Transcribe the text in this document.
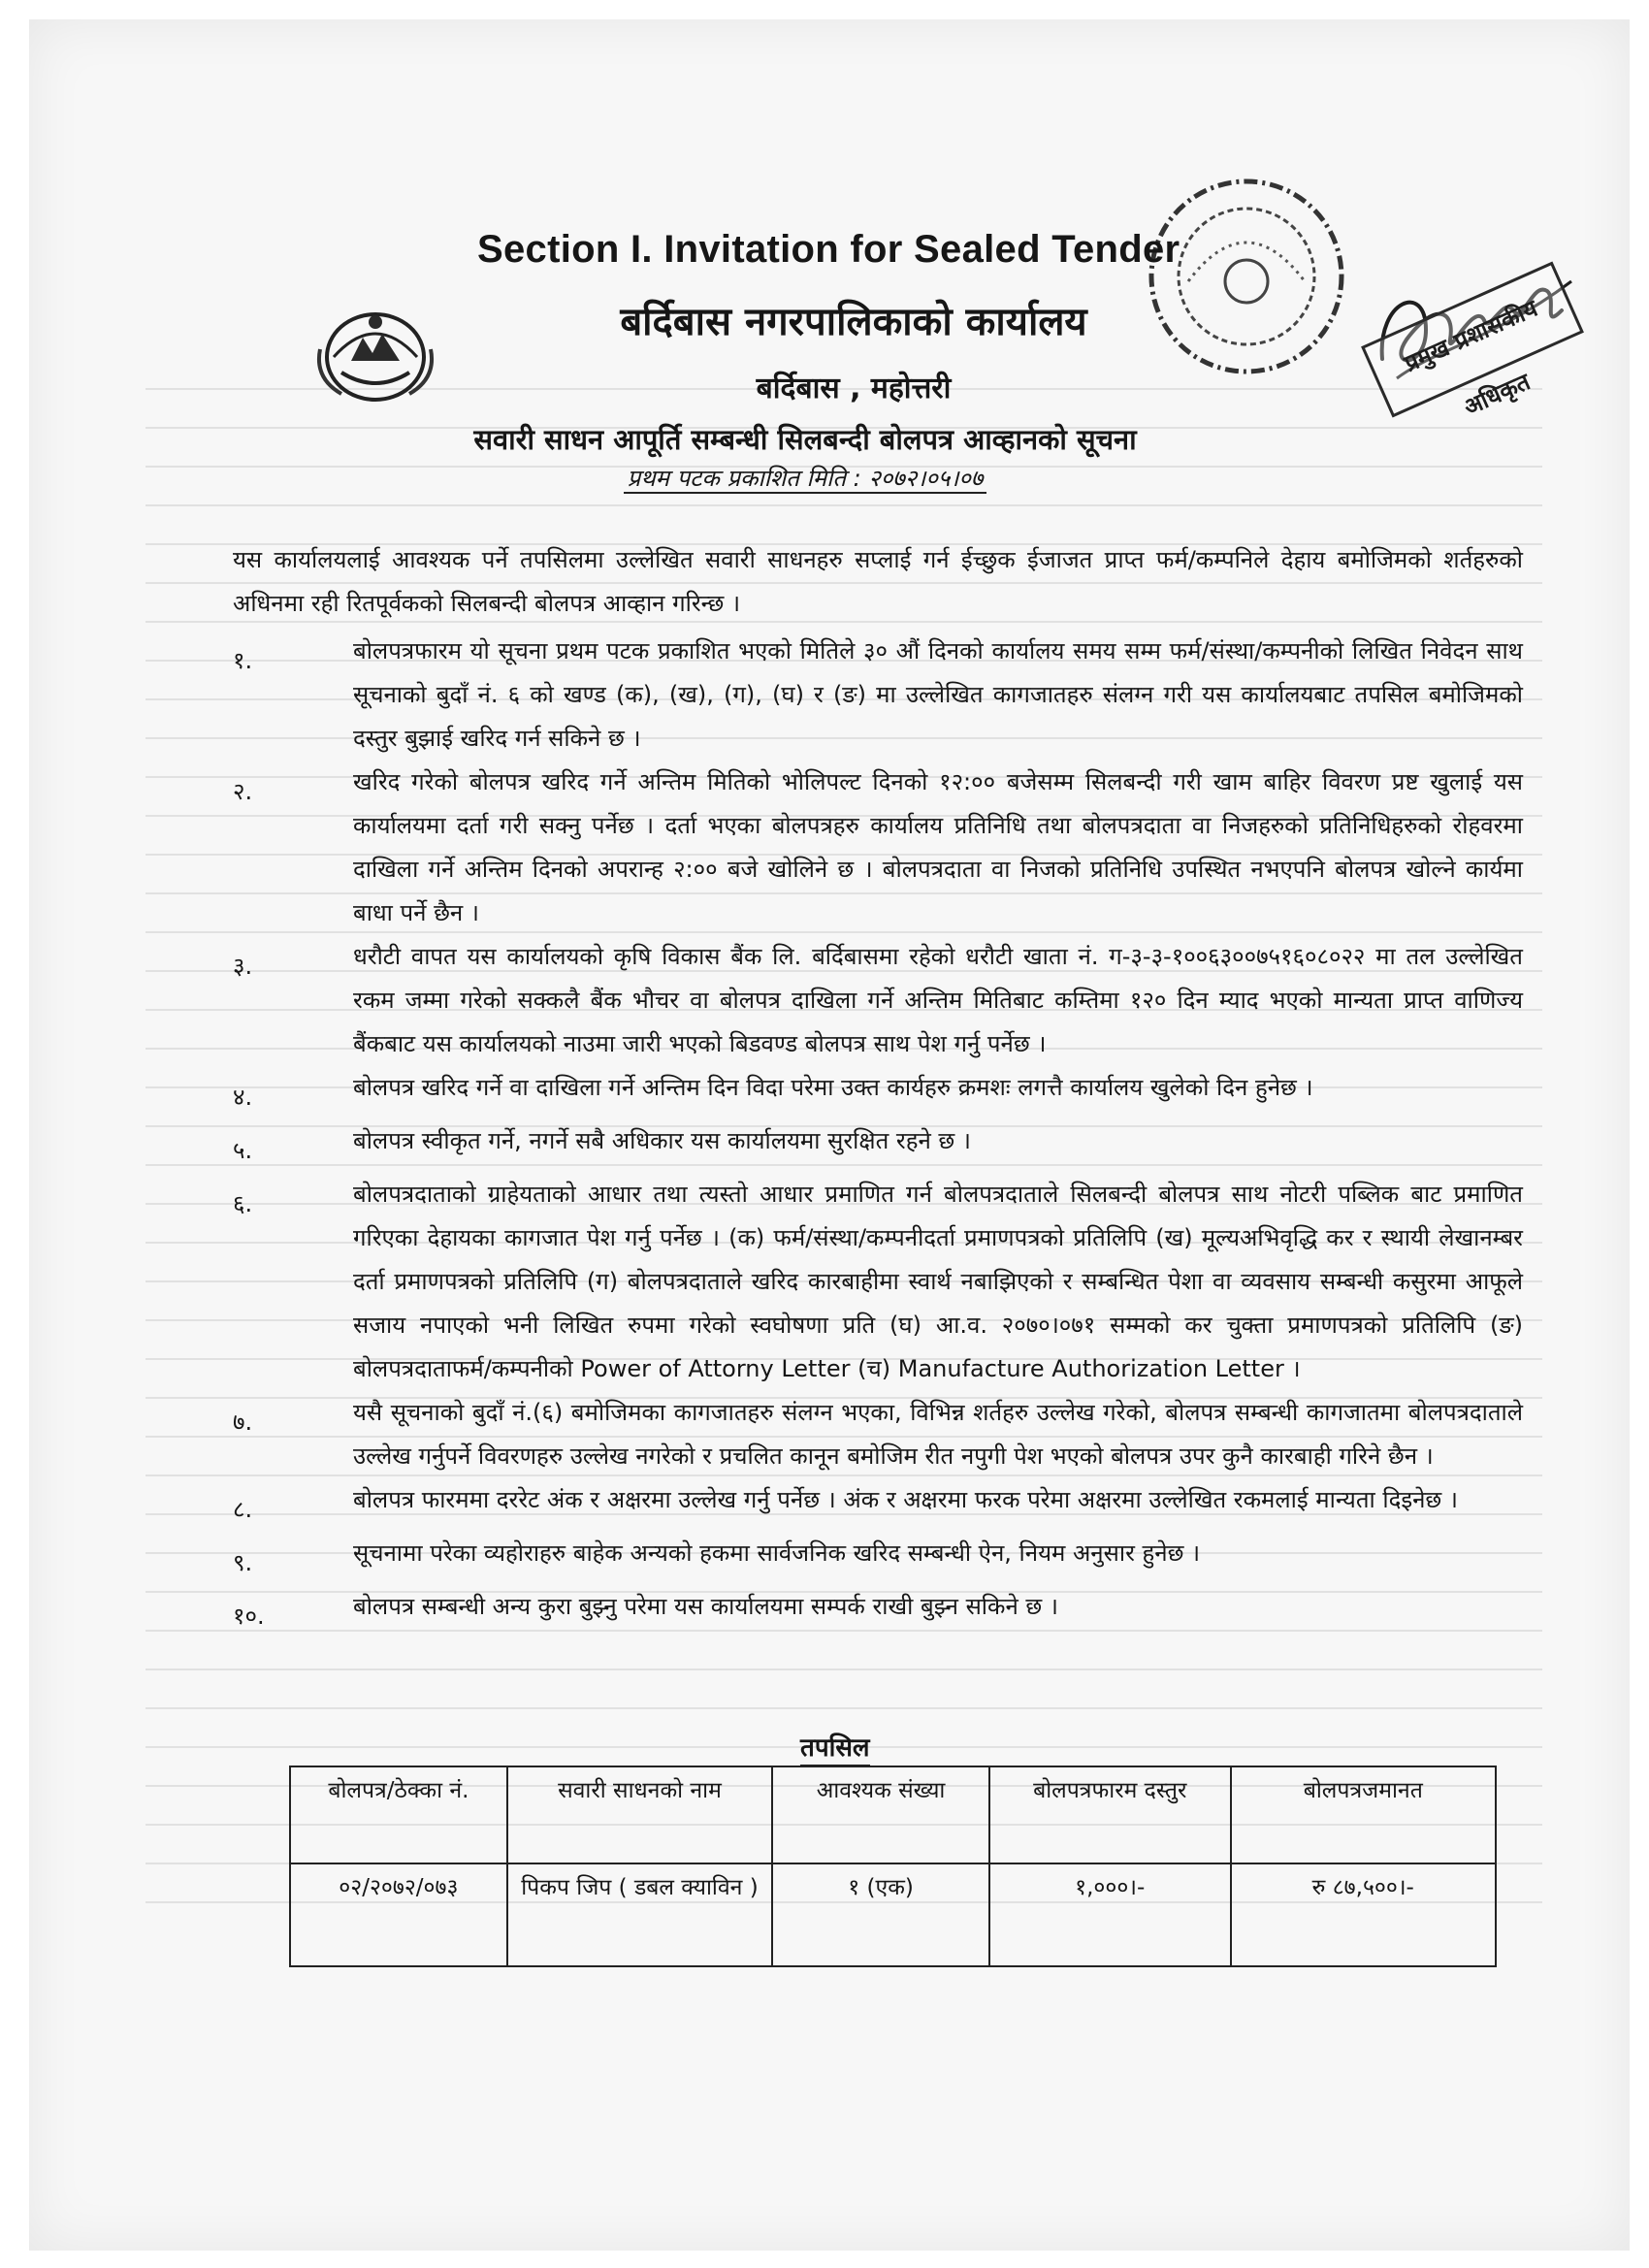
प्रमुख प्रशासकीय अधिकृत
Section I. Invitation for Sealed Tender
बर्दिबास नगरपालिकाको कार्यालय
बर्दिबास , महोत्तरी
सवारी साधन आपूर्ति सम्बन्धी सिलबन्दी बोलपत्र आव्हानको सूचना
प्रथम पटक प्रकाशित मिति : २०७२।०५।०७

यस कार्यालयलाई आवश्यक पर्ने तपसिलमा उल्लेखित सवारी साधनहरु सप्लाई गर्न ईच्छुक ईजाजत प्राप्त फर्म/कम्पनिले देहाय बमोजिमको शर्तहरुको अधिनमा रही रितपूर्वकको सिलबन्दी बोलपत्र आव्हान गरिन्छ ।

१.	बोलपत्रफारम यो सूचना प्रथम पटक प्रकाशित भएको मितिले ३० औं दिनको कार्यालय समय सम्म फर्म/संस्था/कम्पनीको लिखित निवेदन साथ सूचनाको बुदाँ नं. ६ को खण्ड (क), (ख), (ग), (घ) र (ङ) मा उल्लेखित कागजातहरु संलग्न गरी यस कार्यालयबाट तपसिल बमोजिमको दस्तुर बुझाई खरिद गर्न सकिने छ ।
२.	खरिद गरेको बोलपत्र खरिद गर्ने अन्तिम मितिको भोलिपल्ट दिनको १२:०० बजेसम्म सिलबन्दी गरी खाम बाहिर विवरण प्रष्ट खुलाई यस कार्यालयमा दर्ता गरी सक्नु पर्नेछ । दर्ता भएका बोलपत्रहरु कार्यालय प्रतिनिधि तथा बोलपत्रदाता वा निजहरुको प्रतिनिधिहरुको रोहवरमा दाखिला गर्ने अन्तिम दिनको अपरान्ह २:०० बजे खोलिने छ । बोलपत्रदाता वा निजको प्रतिनिधि उपस्थित नभएपनि बोलपत्र खोल्ने कार्यमा बाधा पर्ने छैन ।
३.	धरौटी वापत यस कार्यालयको कृषि विकास बैंक लि. बर्दिबासमा रहेको धरौटी खाता नं. ग-३-३-१००६३००७५१६०८०२२ मा तल उल्लेखित रकम जम्मा गरेको सक्कलै बैंक भौचर वा बोलपत्र दाखिला गर्ने अन्तिम मितिबाट कम्तिमा १२० दिन म्याद भएको मान्यता प्राप्त वाणिज्य बैंकबाट यस कार्यालयको नाउमा जारी भएको बिडवण्ड बोलपत्र साथ पेश गर्नु पर्नेछ ।
४.	बोलपत्र खरिद गर्ने वा दाखिला गर्ने अन्तिम दिन विदा परेमा उक्त कार्यहरु क्रमशः लगत्तै कार्यालय खुलेको दिन हुनेछ ।
५.	बोलपत्र स्वीकृत गर्ने, नगर्ने सबै अधिकार यस कार्यालयमा सुरक्षित रहने छ ।
६.	बोलपत्रदाताको ग्राहेयताको आधार तथा त्यस्तो आधार प्रमाणित गर्न बोलपत्रदाताले सिलबन्दी बोलपत्र साथ नोटरी पब्लिक बाट प्रमाणित गरिएका देहायका कागजात पेश गर्नु पर्नेछ । (क) फर्म/संस्था/कम्पनीदर्ता प्रमाणपत्रको प्रतिलिपि (ख) मूल्यअभिवृद्धि कर र स्थायी लेखानम्बर दर्ता प्रमाणपत्रको प्रतिलिपि (ग) बोलपत्रदाताले खरिद कारबाहीमा स्वार्थ नबाझिएको र सम्बन्धित पेशा वा व्यवसाय सम्बन्धी कसुरमा आफूले सजाय नपाएको भनी लिखित रुपमा गरेको स्वघोषणा प्रति (घ) आ.व. २०७०।०७१ सम्मको कर चुक्ता प्रमाणपत्रको प्रतिलिपि (ङ) बोलपत्रदाताफर्म/कम्पनीको Power of Attorny Letter (च) Manufacture Authorization Letter ।
७.	यसै सूचनाको बुदाँ नं.(६) बमोजिमका कागजातहरु संलग्न भएका, विभिन्न शर्तहरु उल्लेख गरेको, बोलपत्र सम्बन्धी कागजातमा बोलपत्रदाताले उल्लेख गर्नुपर्ने विवरणहरु उल्लेख नगरेको र प्रचलित कानून बमोजिम रीत नपुगी पेश भएको बोलपत्र उपर कुनै कारबाही गरिने छैन ।
८.	बोलपत्र फारममा दररेट अंक र अक्षरमा उल्लेख गर्नु पर्नेछ । अंक र अक्षरमा फरक परेमा अक्षरमा उल्लेखित रकमलाई मान्यता दिइनेछ ।
९.	सूचनामा परेका व्यहोराहरु बाहेक अन्यको हकमा सार्वजनिक खरिद सम्बन्धी ऐन, नियम अनुसार हुनेछ ।
१०.	बोलपत्र सम्बन्धी अन्य कुरा बुझ्नु परेमा यस कार्यालयमा सम्पर्क राखी बुझ्न सकिने छ ।
तपसिल
बोलपत्र/ठेक्का नं.	सवारी साधनको नाम	आवश्यक संख्या	बोलपत्रफारम दस्तुर	बोलपत्रजमानत
०२/२०७२/०७३	पिकप जिप ( डबल क्याविन )	१ (एक)	१,०००।-	रु ८७,५००।-
